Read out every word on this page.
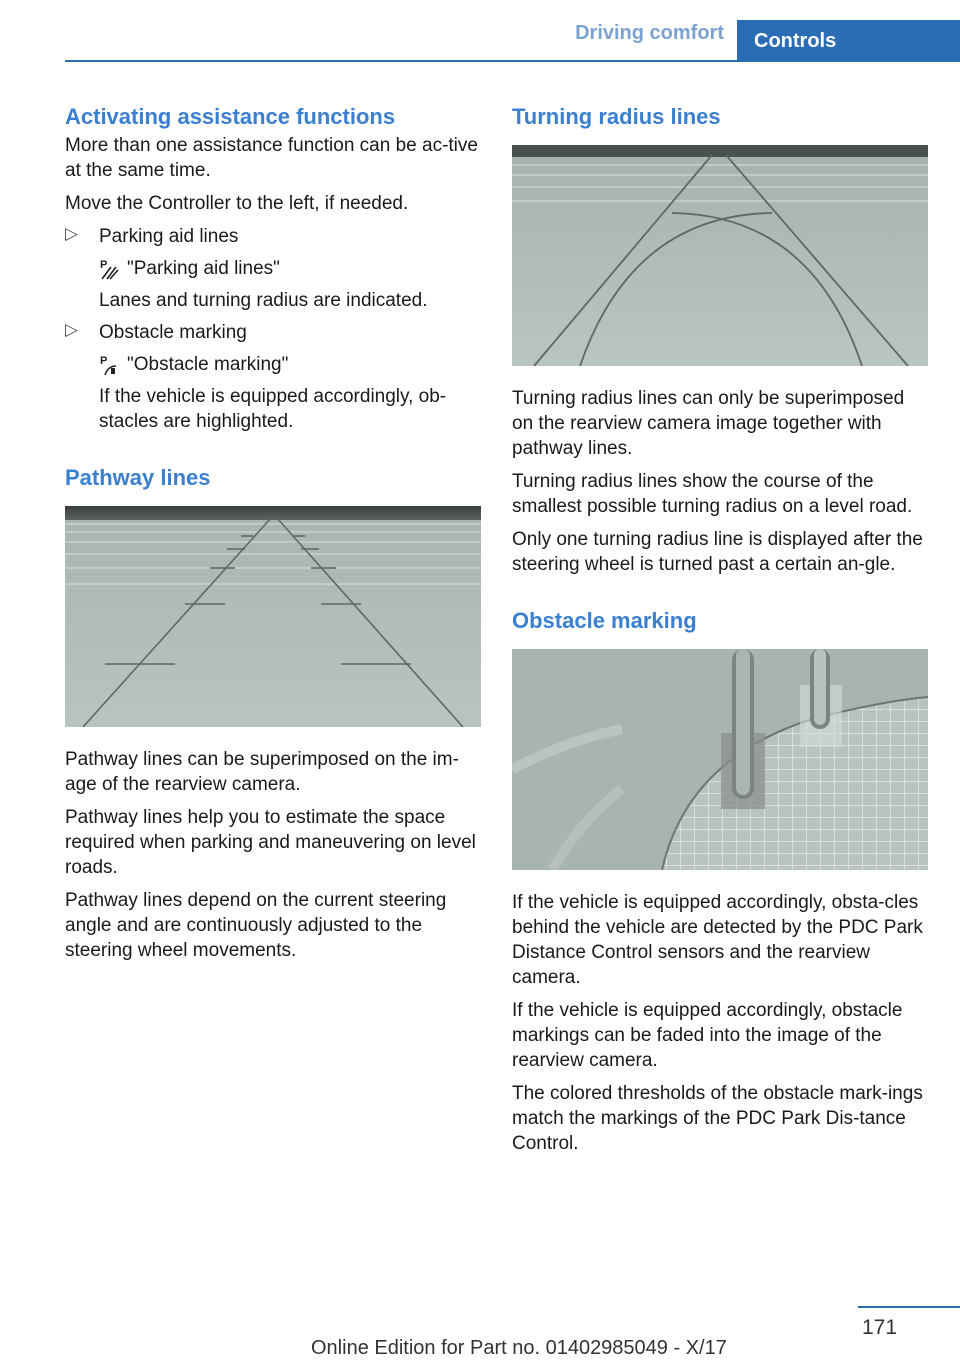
Driving comfort	Controls
Activating assistance functions

More than one assistance function can be ac-tive at the same time.

Move the Controller to the left, if needed.

▷ Parking aid lines

P "Parking aid lines"

Lanes and turning radius are indicated.

▷ Obstacle marking

P "Obstacle marking"

If the vehicle is equipped accordingly, ob-stacles are highlighted.

Pathway lines

Pathway lines can be superimposed on the im-age of the rearview camera.

Pathway lines help you to estimate the space required when parking and maneuvering on level roads.

Pathway lines depend on the current steering angle and are continuously adjusted to the steering wheel movements.

Turning radius lines

Turning radius lines can only be superimposed on the rearview camera image together with pathway lines.

Turning radius lines show the course of the smallest possible turning radius on a level road.

Only one turning radius line is displayed after the steering wheel is turned past a certain an-gle.

Obstacle marking

If the vehicle is equipped accordingly, obsta-cles behind the vehicle are detected by the PDC Park Distance Control sensors and the rearview camera.

If the vehicle is equipped accordingly, obstacle markings can be faded into the image of the rearview camera.

The colored thresholds of the obstacle mark-ings match the markings of the PDC Park Dis-tance Control.

171
Online Edition for Part no. 01402985049 - X/17
